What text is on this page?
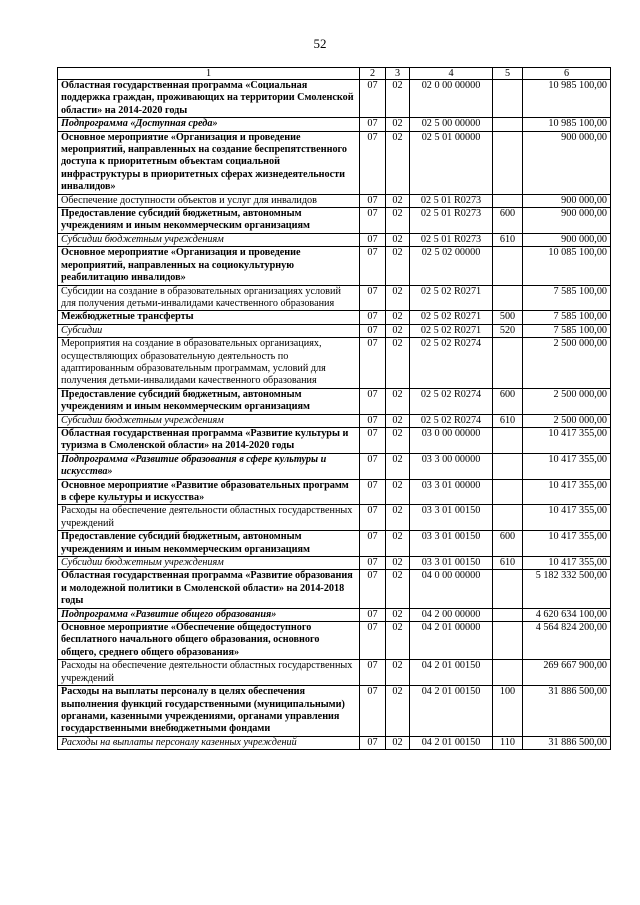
52
1	2	3	4	5	6
Областная государственная программа «Социальная поддержка граждан, проживающих на территории Смоленской области» на 2014-2020 годы	07	02	02 0 00 00000		10 985 100,00
Подпрограмма «Доступная среда»	07	02	02 5 00 00000		10 985 100,00
Основное мероприятие «Организация и проведение мероприятий, направленных на создание беспрепятственного доступа к приоритетным объектам социальной инфраструктуры в приоритетных сферах жизнедеятельности инвалидов»	07	02	02 5 01 00000		900 000,00
Обеспечение доступности объектов и услуг для инвалидов	07	02	02 5 01 R0273		900 000,00
Предоставление субсидий бюджетным, автономным учреждениям и иным некоммерческим организациям	07	02	02 5 01 R0273	600	900 000,00
Субсидии бюджетным учреждениям	07	02	02 5 01 R0273	610	900 000,00
Основное мероприятие «Организация и проведение мероприятий, направленных на социокультурную реабилитацию инвалидов»	07	02	02 5 02 00000		10 085 100,00
Субсидии на создание в образовательных организациях условий для получения детьми-инвалидами качественного образования	07	02	02 5 02 R0271		7 585 100,00
Межбюджетные трансферты	07	02	02 5 02 R0271	500	7 585 100,00
Субсидии	07	02	02 5 02 R0271	520	7 585 100,00
Мероприятия на создание в образовательных организациях, осуществляющих образовательную деятельность по адаптированным образовательным программам, условий для получения детьми-инвалидами качественного образования	07	02	02 5 02 R0274		2 500 000,00
Предоставление субсидий бюджетным, автономным учреждениям и иным некоммерческим организациям	07	02	02 5 02 R0274	600	2 500 000,00
Субсидии бюджетным учреждениям	07	02	02 5 02 R0274	610	2 500 000,00
Областная государственная программа «Развитие культуры и туризма в Смоленской области» на 2014-2020 годы	07	02	03 0 00 00000		10 417 355,00
Подпрограмма «Развитие образования в сфере культуры и искусства»	07	02	03 3 00 00000		10 417 355,00
Основное мероприятие «Развитие образовательных программ в сфере культуры и искусства»	07	02	03 3 01 00000		10 417 355,00
Расходы на обеспечение деятельности областных государственных учреждений	07	02	03 3 01 00150		10 417 355,00
Предоставление субсидий бюджетным, автономным учреждениям и иным некоммерческим организациям	07	02	03 3 01 00150	600	10 417 355,00
Субсидии бюджетным учреждениям	07	02	03 3 01 00150	610	10 417 355,00
Областная государственная программа «Развитие образования и молодежной политики в Смоленской области» на 2014-2018 годы	07	02	04 0 00 00000		5 182 332 500,00
Подпрограмма «Развитие общего образования»	07	02	04 2 00 00000		4 620 634 100,00
Основное мероприятие «Обеспечение общедоступного бесплатного начального общего образования, основного общего, среднего общего образования»	07	02	04 2 01 00000		4 564 824 200,00
Расходы на обеспечение деятельности областных государственных учреждений	07	02	04 2 01 00150		269 667 900,00
Расходы на выплаты персоналу в целях обеспечения выполнения функций государственными (муниципальными) органами, казенными учреждениями, органами управления государственными внебюджетными фондами	07	02	04 2 01 00150	100	31 886 500,00
Расходы на выплаты персоналу казенных учреждений	07	02	04 2 01 00150	110	31 886 500,00
